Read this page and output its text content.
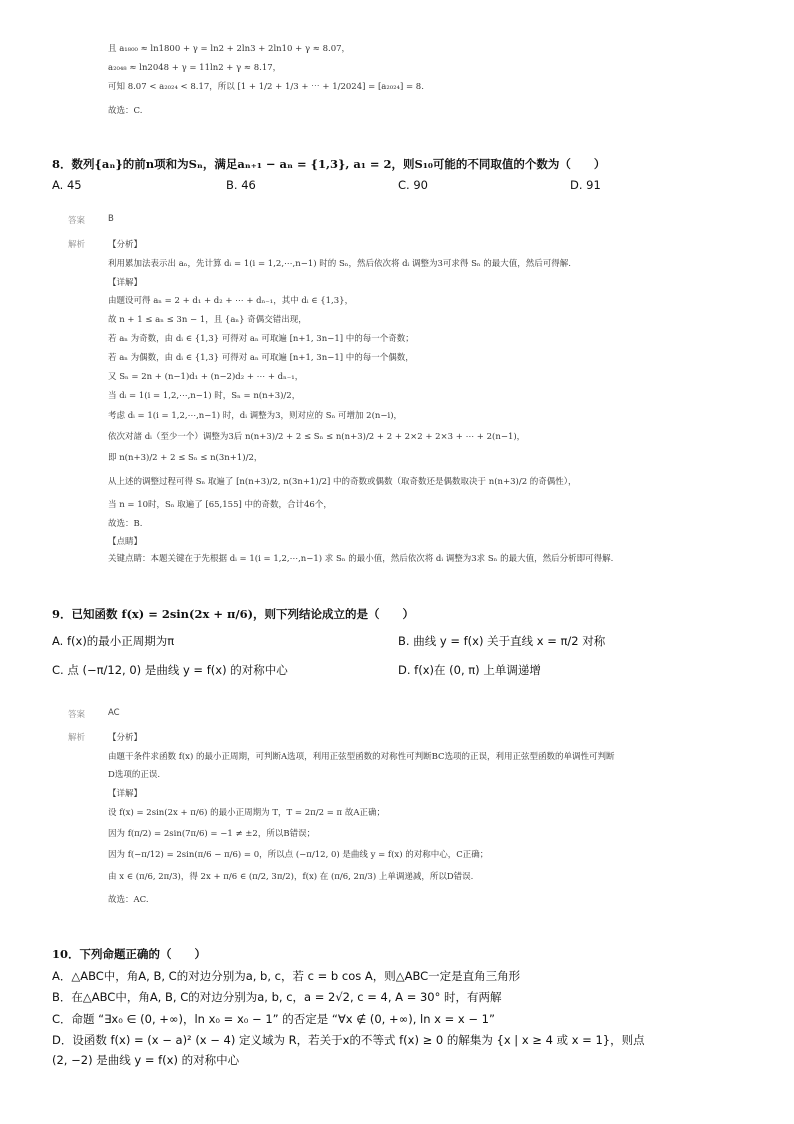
且 a₁₈₀₀ ≈ ln1800 + γ = ln2 + 2ln3 + 2ln10 + γ ≈ 8.07，
a₂₀₄₈ ≈ ln2048 + γ = 11ln2 + γ ≈ 8.17，
可知 8.07 < a₂₀₂₄ < 8.17，所以 [1 + 1/2 + 1/3 + ⋯ + 1/2024] = [a₂₀₂₄] = 8.
故选：C.
8．数列{aₙ}的前n项和为Sₙ，满足aₙ₊₁ − aₙ = {1,3}, a₁ = 2，则S₁₀可能的不同取值的个数为（　　）
A. 45	B. 46	C. 90	D. 91
答案	B
解析	【分析】
利用累加法表示出 aₙ，先计算 dᵢ = 1(i = 1,2,⋯,n−1) 时的 Sₙ，然后依次将 dᵢ 调整为3可求得 Sₙ 的最大值，然后可得解.
【详解】
由题设可得 aₙ = 2 + d₁ + d₂ + ⋯ + dₙ₋₁，其中 dᵢ ∈ {1,3}，
故 n + 1 ≤ aₙ ≤ 3n − 1，且 {aₙ} 奇偶交错出现，
若 aₙ 为奇数，由 dᵢ ∈ {1,3} 可得对 aₙ 可取遍 [n+1, 3n−1] 中的每一个奇数；
若 aₙ 为偶数，由 dᵢ ∈ {1,3} 可得对 aₙ 可取遍 [n+1, 3n−1] 中的每一个偶数，
又 Sₙ = 2n + (n−1)d₁ + (n−2)d₂ + ⋯ + dₙ₋₁，
当 dᵢ = 1(i = 1,2,⋯,n−1) 时，Sₙ = n(n+3)/2，
考虑 dᵢ = 1(i = 1,2,⋯,n−1) 时，dᵢ 调整为3，则对应的 Sₙ 可增加 2(n−i)，
依次对諸 dᵢ（至少一个）调整为3后 n(n+3)/2 + 2 ≤ Sₙ ≤ n(n+3)/2 + 2 + 2×2 + 2×3 + ⋯ + 2(n−1)，
即 n(n+3)/2 + 2 ≤ Sₙ ≤ n(3n+1)/2，
从上述的调整过程可得 Sₙ 取遍了 [n(n+3)/2, n(3n+1)/2] 中的奇数或偶数（取奇数还是偶数取决于 n(n+3)/2 的奇偶性），
当 n = 10时，Sₙ 取遍了 [65,155] 中的奇数，合计46个，
故选：B.
【点睛】
关键点睛：本题关键在于先根据 dᵢ = 1(i = 1,2,⋯,n−1) 求 Sₙ 的最小值，然后依次将 dᵢ 调整为3求 Sₙ 的最大值，然后分析即可得解.
9．已知函数 f(x) = 2sin(2x + π/6)，则下列结论成立的是（　　）
A. f(x)的最小正周期为π	B. 曲线 y = f(x) 关于直线 x = π/2 对称
C. 点 (−π/12, 0) 是曲线 y = f(x) 的对称中心	D. f(x)在 (0, π) 上单调递增
答案	AC
解析	【分析】
由題干条件求函数 f(x) 的最小正周期，可判断A选项，利用正弦型函数的对称性可判断BC选项的正误，利用正弦型函数的单调性可判断
D选项的正误.
【详解】
设 f(x) = 2sin(2x + π/6) 的最小正周期为 T，T = 2π/2 = π 故A正确；
因为 f(π/2) = 2sin(7π/6) = −1 ≠ ±2，所以B错误；
因为 f(−π/12) = 2sin(π/6 − π/6) = 0，所以点 (−π/12, 0) 是曲线 y = f(x) 的对称中心，C正确；
由 x ∈ (π/6, 2π/3)，得 2x + π/6 ∈ (π/2, 3π/2)，f(x) 在 (π/6, 2π/3) 上单调递减，所以D错误.
故选：AC.
10．下列命题正确的（　　）
A．△ABC中，角A, B, C的对边分别为a, b, c，若 c = b cos A，则△ABC一定是直角三角形
B．在△ABC中，角A, B, C的对边分别为a, b, c，a = 2√2, c = 4, A = 30° 时，有两解
C．命题 “∃x₀ ∈ (0, +∞)，ln x₀ = x₀ − 1” 的否定是 “∀x ∉ (0, +∞), ln x = x − 1”
D．设函数 f(x) = (x − a)² (x − 4) 定义域为 R，若关于x的不等式 f(x) ≥ 0 的解集为 {x | x ≥ 4 或 x = 1}，则点
(2, −2) 是曲线 y = f(x) 的对称中心
